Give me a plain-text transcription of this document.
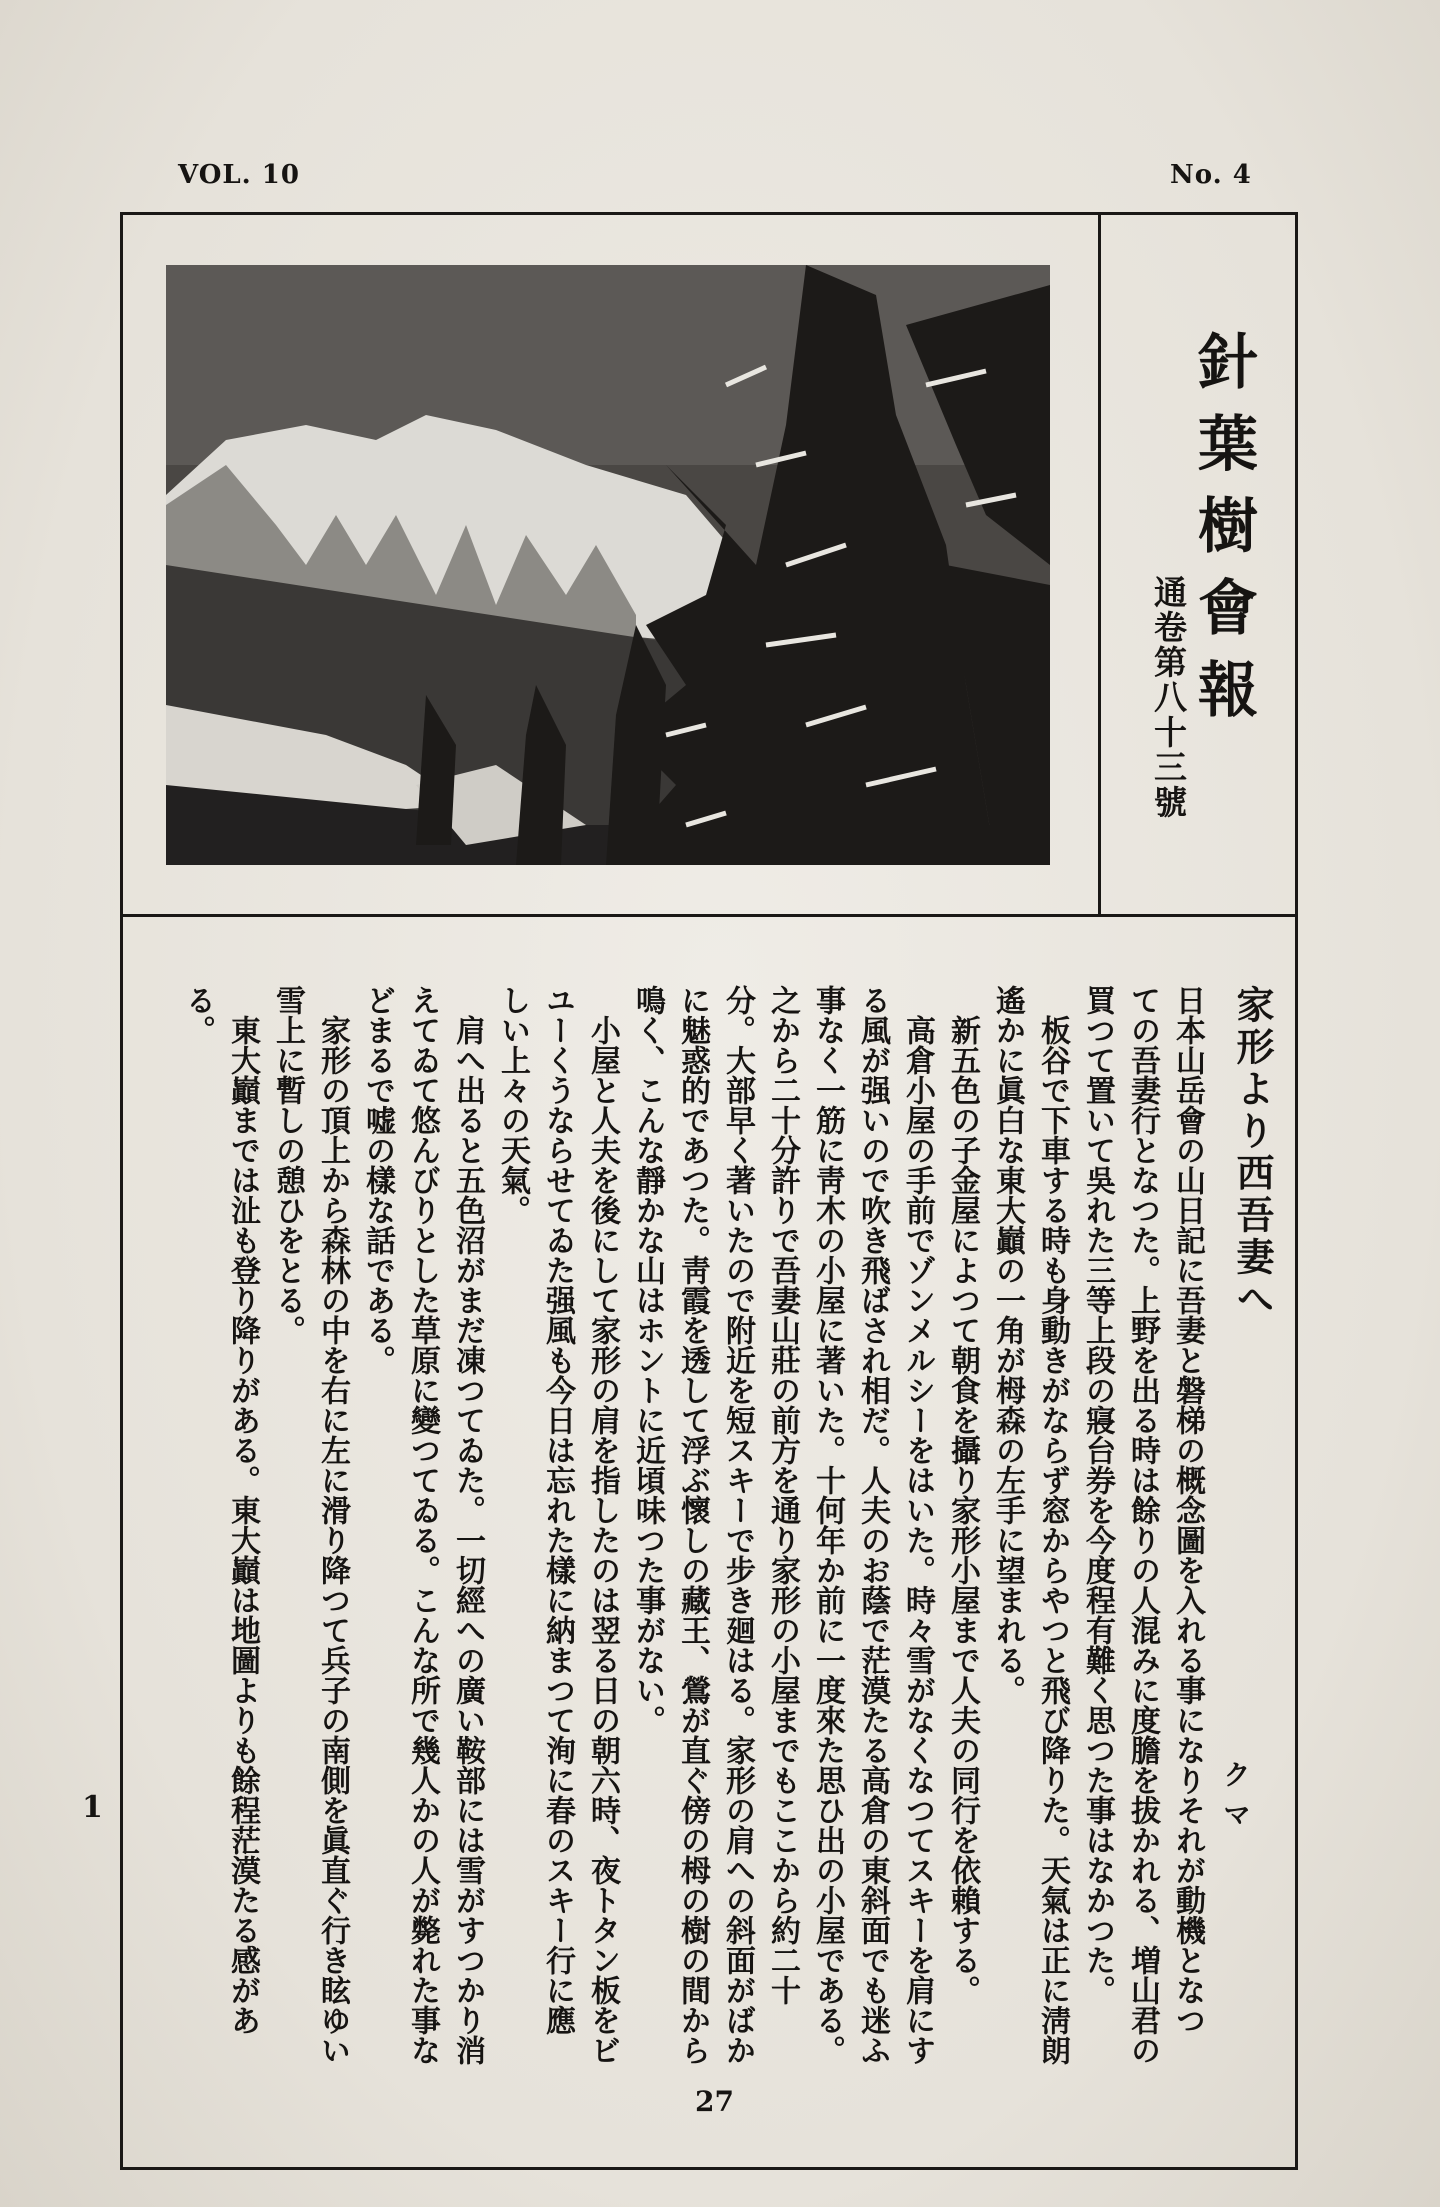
VOL. 10	No. 4
針葉樹會報
通卷第八十三號

家形より西吾妻へ

日本山岳會の山日記に吾妻と磐梯の概念圖を入れる事になりそれが動機となつ

ての吾妻行となつた。上野を出る時は餘りの人混みに度膽を拔かれる、増山君の

買つて置いて吳れた三等上段の寢台券を今度程有難く思つた事はなかつた。

　板谷で下車する時も身動きがならず窓からやつと飛び降りた。天氣は正に淸朗

遙かに眞白な東大巓の一角が栂森の左手に望まれる。

　新五色の子金屋によつて朝食を攝り家形小屋まで人夫の同行を依賴する。

　高倉小屋の手前でゾンメルシーをはいた。時々雪がなくなつてスキーを肩にす

る風が强いので吹き飛ばされ相だ。人夫のお蔭で茫漠たる高倉の東斜面でも迷ふ

事なく一筋に靑木の小屋に著いた。十何年か前に一度來た思ひ出の小屋である。

之から二十分許りで吾妻山莊の前方を通り家形の小屋までもここから約二十

分。大部早く著いたので附近を短スキーで步き廻はる。家形の肩への斜面がばか

に魅惑的であつた。靑霞を透して浮ぶ懷しの藏王、鶯が直ぐ傍の栂の樹の間から

鳴く、こんな靜かな山はホントに近頃味つた事がない。

　小屋と人夫を後にして家形の肩を指したのは翌る日の朝六時、夜トタン板をビ

ユーくうならせてゐた强風も今日は忘れた樣に納まつて洵に春のスキー行に應

しい上々の天氣。

　肩へ出ると五色沼がまだ凍つてゐた。一切經への廣い鞍部には雪がすつかり消

えてゐて悠んびりとした草原に變つてゐる。こんな所で幾人かの人が斃れた事な

どまるで嘘の樣な話である。

　家形の頂上から森林の中を右に左に滑り降つて兵子の南側を眞直ぐ行き眩ゆい

雪上に暫しの憩ひをとる。

　東大巓までは沚も登り降りがある。東大巓は地圖よりも餘程茫漠たる感がある。

クマ
1
27
